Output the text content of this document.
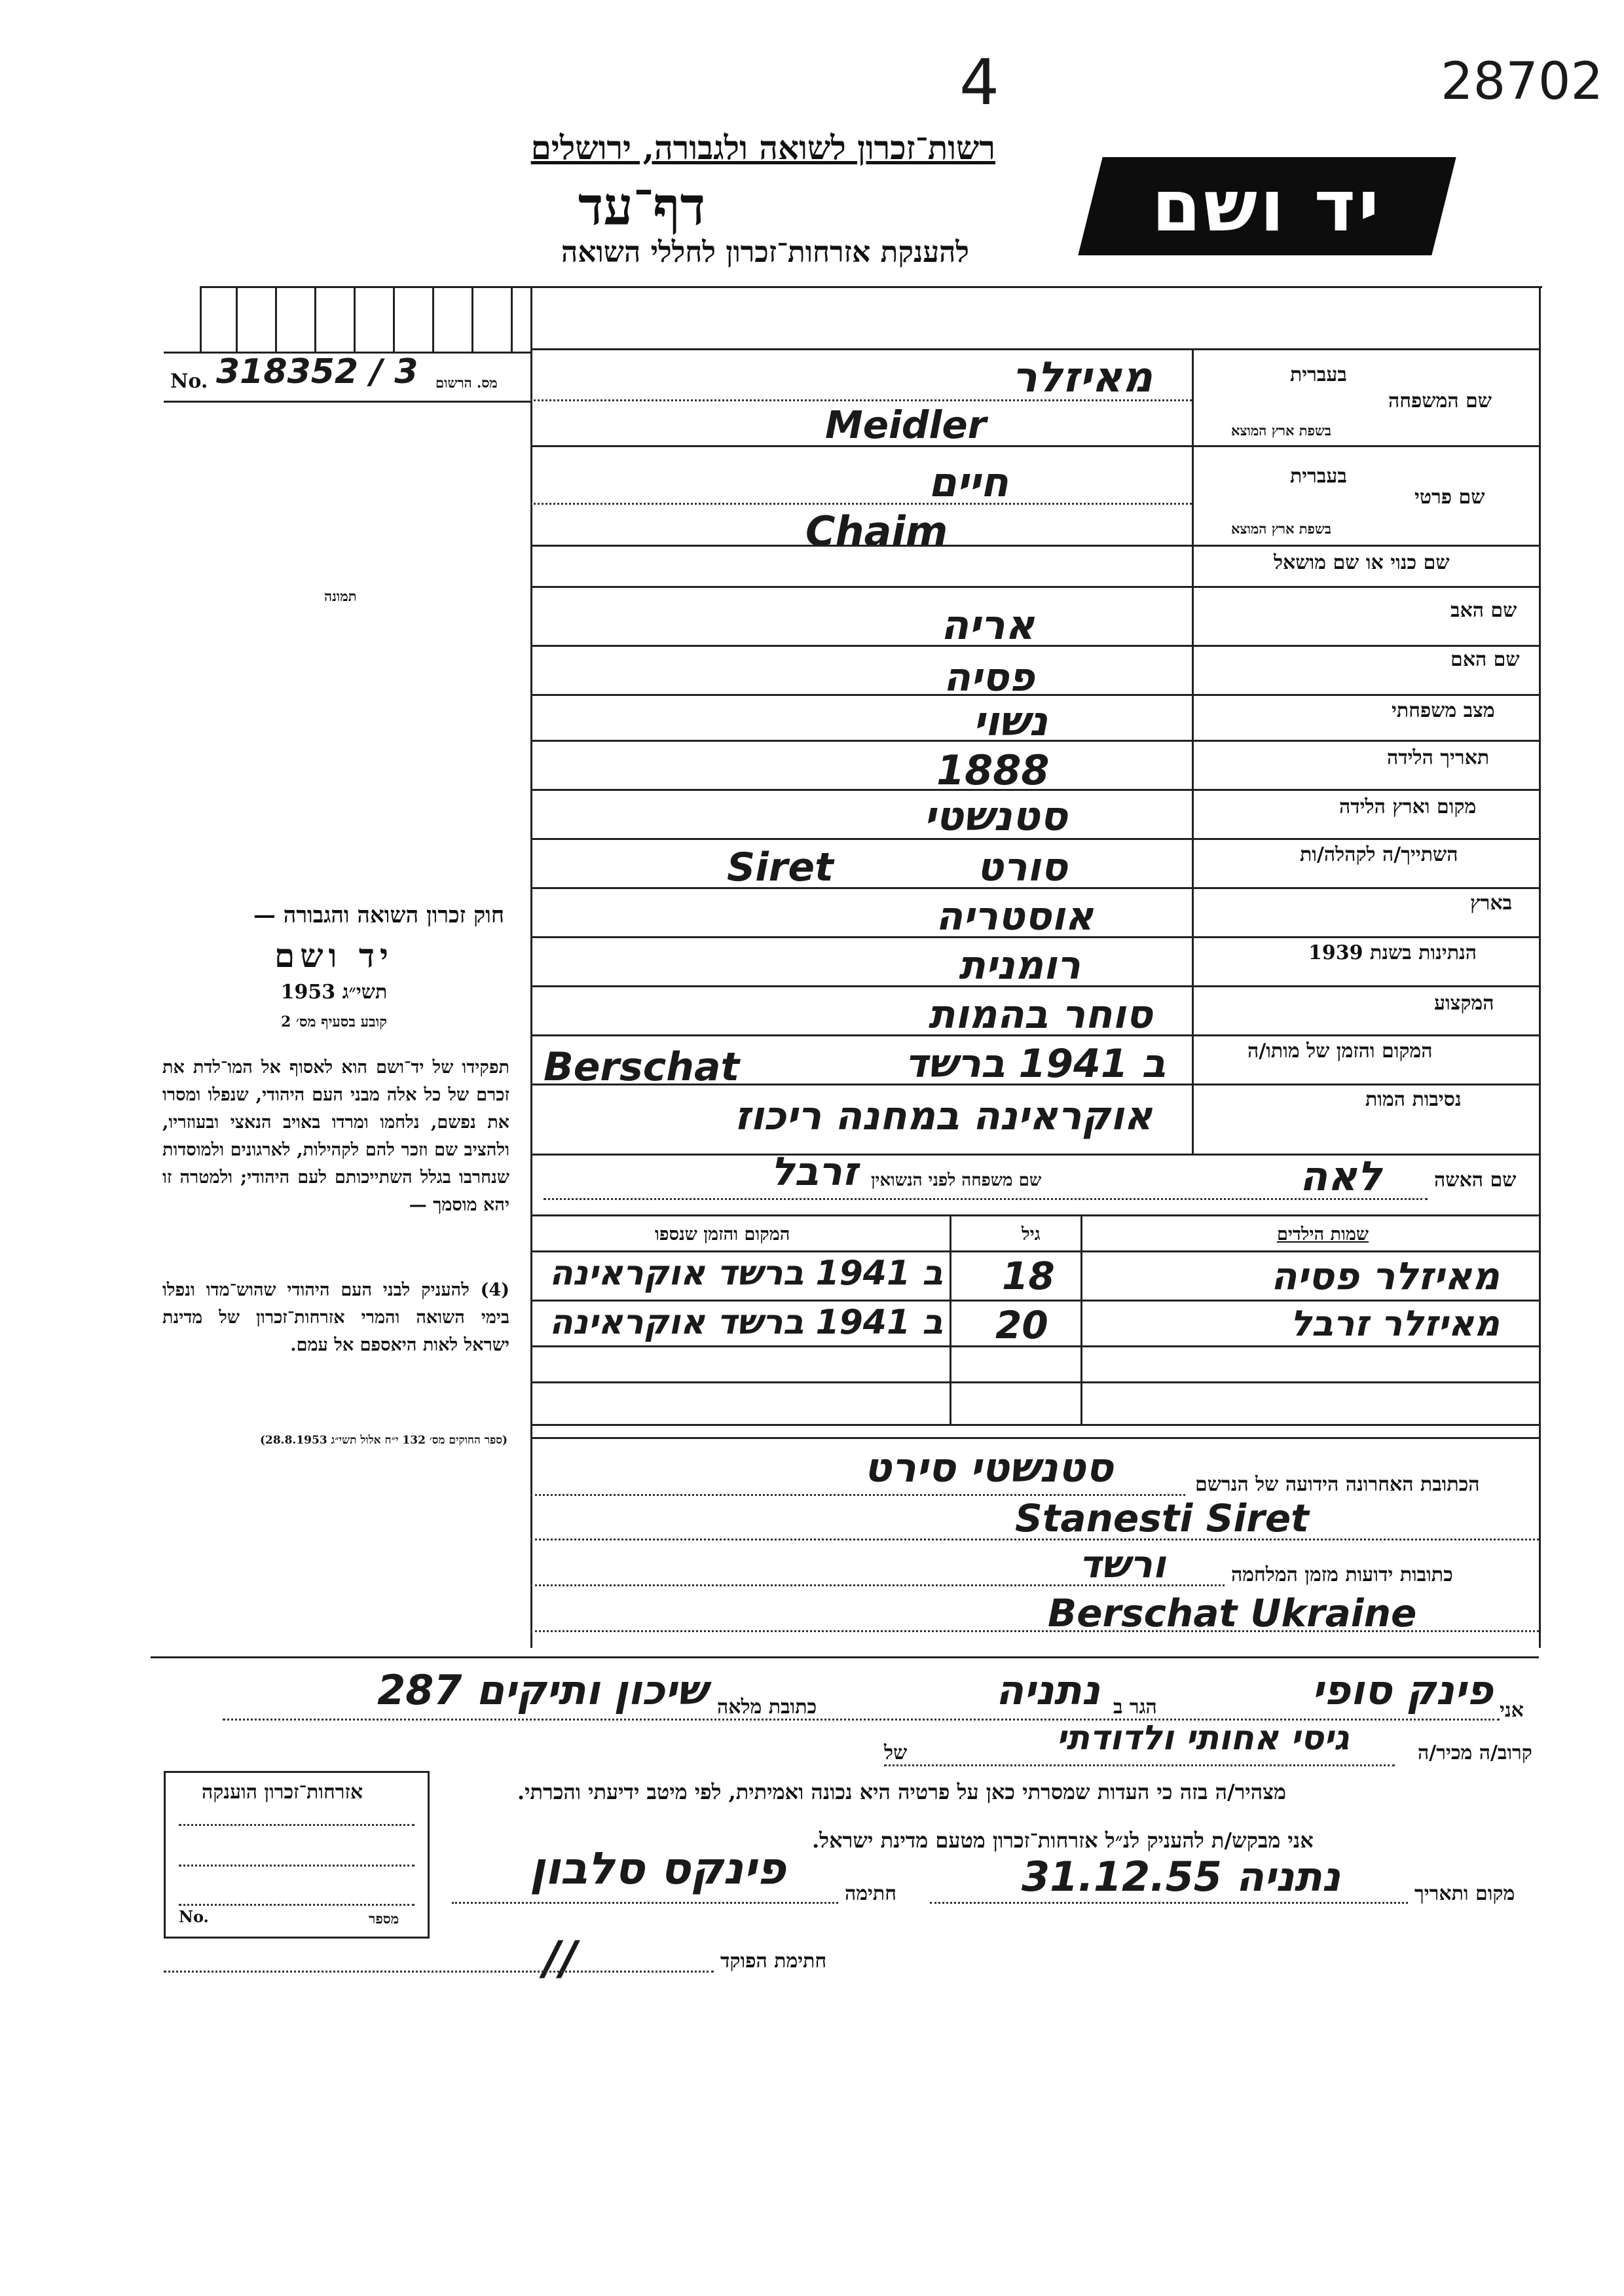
28702
4
רשות־זכרון לשואה ולגבורה, ירושלים
דף־עד
להענקת אזרחות־זכרון לחללי השואה
יד ושם
No. 318352 / 3 מס. הרשום
תמונה
בעברית
שם המשפחה
בשפת ארץ המוצא
מאיזלר
Meidler
בעברית
שם פרטי
בשפת ארץ המוצא
חיים
Chaim
שם כנוי או שם מושאל
שם האב
אריה
שם האם
פסיה
מצב משפחתי
נשוי
תאריך הלידה
1888
מקום וארץ הלידה
סטנשטי
השתייך/ה לקהלה/ות
סורט
Siret
בארץ
אוסטריה
הנתינות בשנת 1939
רומנית
המקצוע
סוחר בהמות
המקום והזמן של מותו/ה
ב 1941 ברשד
Berschat
נסיבות המות
אוקראינה במחנה ריכוז
שם האשה
לאה
שם משפחה לפני הנשואין
זרבל
שמות הילדים
גיל
המקום והזמן שנספו
מאיזלר פסיה
18
ב 1941 ברשד אוקראינה
מאיזלר זרבל
20
ב 1941 ברשד אוקראינה
הכתובת האחרונה הידועה של הנרשם
סטנשטי סירט
Stanesti Siret
כתובות ידועות מזמן המלחמה
ורשד
Berschat Ukraine
חוק זכרון השואה והגבורה —
יד ושם
תשי״ג 1953
קובע בסעיף מס׳ 2
תפקידו של יד־ושם הוא לאסוף אל המו־לדת את זכרם של כל אלה מבני העם היהודי, שנפלו ומסרו את נפשם, נלחמו ומרדו באויב הנאצי ובעוזריו, ולהציב שם וזכר להם לקהילות, לארגונים ולמוסדות שנחרבו בגלל השתייכותם לעם היהודי; ולמטרה זו יהא מוסמך —
(4) להעניק לבני העם היהודי שהוש־מדו ונפלו בימי השואה והמרי אזרחות־זכרון של מדינת ישראל לאות היאספם אל עמם.
(ספר החוקים מס׳ 132 י״ח אלול תשי״ג 28.8.1953)
אני
פינק סופי
הגר ב
נתניה
כתובת מלאה
שיכון ותיקים 287
קרוב/ה מכיר/ה
גיסי אחותי ולדודתי
של
מצהיר/ה בזה כי העדות שמסרתי כאן על פרטיה היא נכונה ואמיתית, לפי מיטב ידיעתי והכרתי.
אני מבקש/ת להעניק לנ״ל אזרחות־זכרון מטעם מדינת ישראל.
מקום ותאריך
נתניה 31.12.55
חתימה
פינקס סלבון
חתימת הפוקד
//
אזרחות־זכרון הוענקה
No.	מספר
